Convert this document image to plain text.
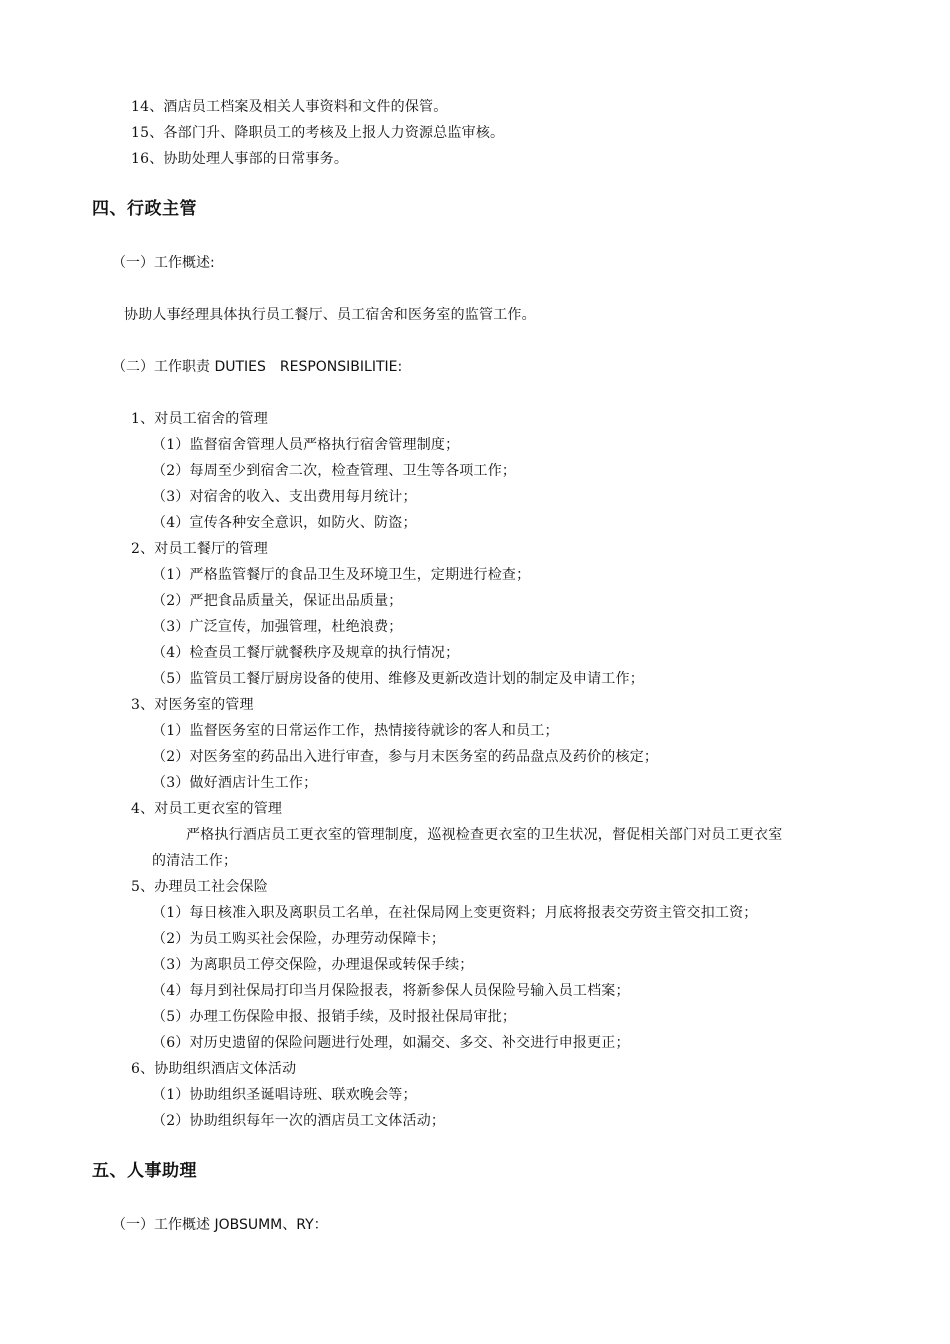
14、酒店员工档案及相关人事资料和文件的保管。
15、各部门升、降职员工的考核及上报人力资源总监审核。
16、协助处理人事部的日常事务。
四、行政主管
（一）工作概述:
协助人事经理具体执行员工餐厅、员工宿舍和医务室的监管工作。
（二）工作职责 DUTIES　RESPONSIBILITIE:
1、对员工宿舍的管理
（1）监督宿舍管理人员严格执行宿舍管理制度；
（2）每周至少到宿舍二次，检查管理、卫生等各项工作；
（3）对宿舍的收入、支出费用每月统计；
（4）宣传各种安全意识，如防火、防盗；
2、对员工餐厅的管理
（1）严格监管餐厅的食品卫生及环境卫生，定期进行检查；
（2）严把食品质量关，保证出品质量；
（3）广泛宣传，加强管理，杜绝浪费；
（4）检查员工餐厅就餐秩序及规章的执行情况；
（5）监管员工餐厅厨房设备的使用、维修及更新改造计划的制定及申请工作；
3、对医务室的管理
（1）监督医务室的日常运作工作，热情接待就诊的客人和员工；
（2）对医务室的药品出入进行审查，参与月末医务室的药品盘点及药价的核定；
（3）做好酒店计生工作；
4、对员工更衣室的管理
严格执行酒店员工更衣室的管理制度，巡视检查更衣室的卫生状况，督促相关部门对员工更衣室
的清洁工作；
5、办理员工社会保险
（1）每日核准入职及离职员工名单，在社保局网上变更资料；月底将报表交劳资主管交扣工资；
（2）为员工购买社会保险，办理劳动保障卡；
（3）为离职员工停交保险，办理退保或转保手续；
（4）每月到社保局打印当月保险报表，将新参保人员保险号输入员工档案；
（5）办理工伤保险申报、报销手续，及时报社保局审批；
（6）对历史遗留的保险问题进行处理，如漏交、多交、补交进行申报更正；
6、协助组织酒店文体活动
（1）协助组织圣诞唱诗班、联欢晚会等；
（2）协助组织每年一次的酒店员工文体活动；
五、人事助理
（一）工作概述 JOBSUMM、RY：
